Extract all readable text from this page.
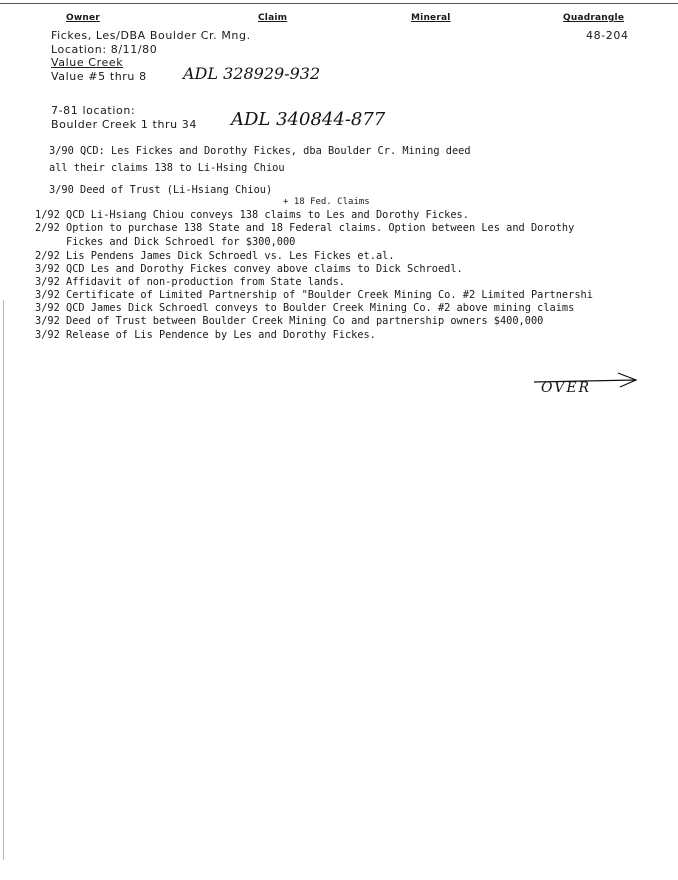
Owner	Claim	Mineral	Quadrangle
Fickes, Les/DBA Boulder Cr. Mng.	48-204
Location: 8/11/80
Value Creek
Value #5 thru 8 ADL 328929-932
7-81 location:
Boulder Creek 1 thru 34 ADL 340844-877
3/90 QCD: Les Fickes and Dorothy Fickes, dba Boulder Cr. Mining deed
all their claims 138 to Li-Hsing Chiou
3/90 Deed of Trust (Li-Hsiang Chiou)
+ 18 Fed. Claims
1/92 QCD Li-Hsiang Chiou conveys 138 claims to Les and Dorothy Fickes.
2/92 Option to purchase 138 State and 18 Federal claims. Option between Les and Dorothy
Fickes and Dick Schroedl for $300,000
2/92 Lis Pendens James Dick Schroedl vs. Les Fickes et.al.
3/92 QCD Les and Dorothy Fickes convey above claims to Dick Schroedl.
3/92 Affidavit of non-production from State lands.
3/92 Certificate of Limited Partnership of "Boulder Creek Mining Co. #2 Limited Partnershi
3/92 QCD James Dick Schroedl conveys to Boulder Creek Mining Co. #2 above mining claims
3/92 Deed of Trust between Boulder Creek Mining Co and partnership owners $400,000
3/92 Release of Lis Pendence by Les and Dorothy Fickes.
OVER
